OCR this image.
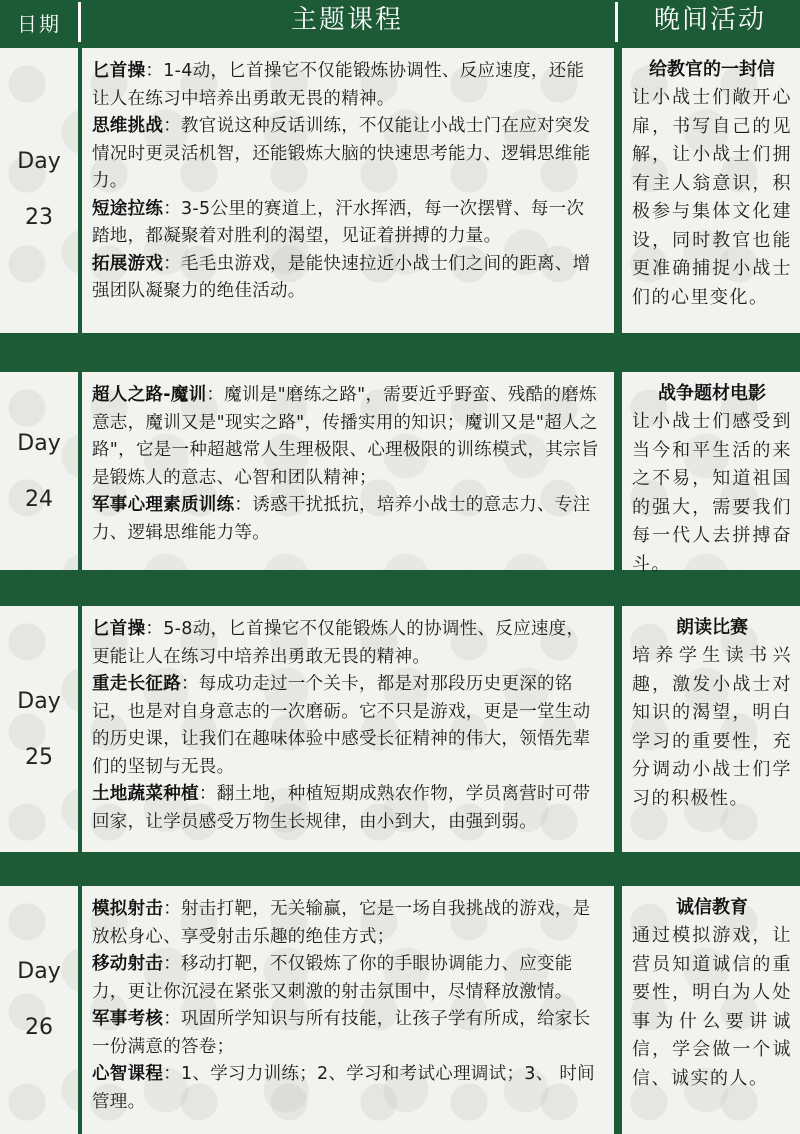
日期	主题课程	晚间活动
Day
23

匕首操：1-4动，匕首操它不仅能锻炼协调性、反应速度，还能让人在练习中培养出勇敢无畏的精神。

思维挑战：教官说这种反话训练，不仅能让小战士门在应对突发情况时更灵活机智，还能锻炼大脑的快速思考能力、逻辑思维能力。

短途拉练：3-5公里的赛道上，汗水挥洒，每一次摆臂、每一次踏地，都凝聚着对胜利的渴望，见证着拼搏的力量。

拓展游戏：毛毛虫游戏，是能快速拉近小战士们之间的距离、增强团队凝聚力的绝佳活动。

给教官的一封信
让小战士们敞开心扉，书写自己的见解，让小战士们拥有主人翁意识，积极参与集体文化建设，同时教官也能更准确捕捉小战士们的心里变化。
Day
24

超人之路-魔训：魔训是"磨练之路"，需要近乎野蛮、残酷的磨炼意志，魔训又是"现实之路"，传播实用的知识；魔训又是"超人之路"，它是一种超越常人生理极限、心理极限的训练模式，其宗旨是锻炼人的意志、心智和团队精神；

军事心理素质训练：诱惑干扰抵抗，培养小战士的意志力、专注力、逻辑思维能力等。

战争题材电影
让小战士们感受到当今和平生活的来之不易，知道祖国的强大，需要我们每一代人去拼搏奋斗。
Day
25

匕首操：5-8动，匕首操它不仅能锻炼人的协调性、反应速度，更能让人在练习中培养出勇敢无畏的精神。

重走长征路：每成功走过一个关卡，都是对那段历史更深的铭记，也是对自身意志的一次磨砺。它不只是游戏，更是一堂生动的历史课，让我们在趣味体验中感受长征精神的伟大，领悟先辈们的坚韧与无畏。

土地蔬菜种植：翻土地，种植短期成熟农作物，学员离营时可带回家，让学员感受万物生长规律，由小到大，由强到弱。

朗读比赛
培养学生读书兴趣，激发小战士对知识的渴望，明白学习的重要性，充分调动小战士们学习的积极性。
Day
26

模拟射击：射击打靶，无关输赢，它是一场自我挑战的游戏，是放松身心、享受射击乐趣的绝佳方式；

移动射击：移动打靶，不仅锻炼了你的手眼协调能力、应变能力，更让你沉浸在紧张又刺激的射击氛围中，尽情释放激情。

军事考核：巩固所学知识与所有技能，让孩子学有所成，给家长一份满意的答卷；

心智课程：1、学习力训练；2、学习和考试心理调试；3、 时间管理。

诚信教育
通过模拟游戏，让营员知道诚信的重要性，明白为人处事为什么要讲诚信，学会做一个诚信、诚实的人。
